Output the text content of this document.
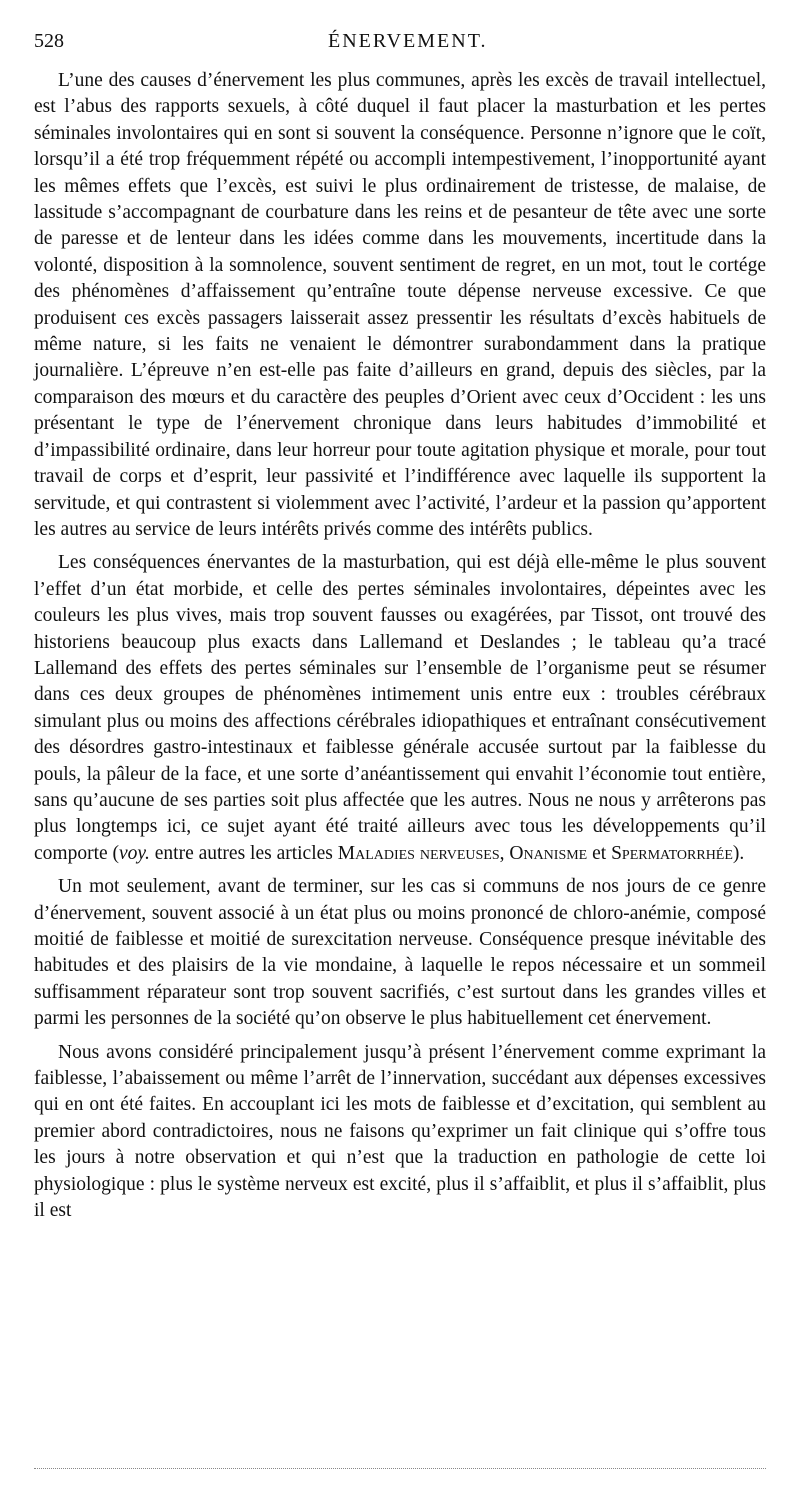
528	ÉNERVEMENT.

L’une des causes d’énervement les plus communes, après les excès de travail intellectuel, est l’abus des rapports sexuels, à côté duquel il faut placer la masturbation et les pertes séminales involontaires qui en sont si souvent la conséquence. Personne n’ignore que le coït, lorsqu’il a été trop fréquemment répété ou accompli intempestivement, l’inopportunité ayant les mêmes effets que l’excès, est suivi le plus ordinairement de tristesse, de malaise, de lassitude s’accompagnant de courbature dans les reins et de pesanteur de tête avec une sorte de paresse et de lenteur dans les idées comme dans les mouvements, incertitude dans la volonté, disposition à la somnolence, souvent sentiment de regret, en un mot, tout le cortége des phénomènes d’affaissement qu’entraîne toute dépense nerveuse excessive. Ce que produisent ces excès passagers laisserait assez pressentir les résultats d’excès habituels de même nature, si les faits ne venaient le démontrer surabondamment dans la pratique journalière. L’épreuve n’en est-elle pas faite d’ailleurs en grand, depuis des siècles, par la comparaison des mœurs et du caractère des peuples d’Orient avec ceux d’Occident : les uns présentant le type de l’énervement chronique dans leurs habitudes d’immobilité et d’impassibilité ordinaire, dans leur horreur pour toute agitation physique et morale, pour tout travail de corps et d’esprit, leur passivité et l’indifférence avec laquelle ils supportent la servitude, et qui contrastent si violemment avec l’activité, l’ardeur et la passion qu’apportent les autres au service de leurs intérêts privés comme des intérêts publics.

Les conséquences énervantes de la masturbation, qui est déjà elle-même le plus souvent l’effet d’un état morbide, et celle des pertes séminales involontaires, dépeintes avec les couleurs les plus vives, mais trop souvent fausses ou exagérées, par Tissot, ont trouvé des historiens beaucoup plus exacts dans Lallemand et Deslandes ; le tableau qu’a tracé Lallemand des effets des pertes séminales sur l’ensemble de l’organisme peut se résumer dans ces deux groupes de phénomènes intimement unis entre eux : troubles cérébraux simulant plus ou moins des affections cérébrales idiopathiques et entraînant consécutivement des désordres gastro-intestinaux et faiblesse générale accusée surtout par la faiblesse du pouls, la pâleur de la face, et une sorte d’anéantissement qui envahit l’économie tout entière, sans qu’aucune de ses parties soit plus affectée que les autres. Nous ne nous y arrêterons pas plus longtemps ici, ce sujet ayant été traité ailleurs avec tous les développements qu’il comporte (voy. entre autres les articles Maladies nerveuses, Onanisme et Spermatorrhée).

Un mot seulement, avant de terminer, sur les cas si communs de nos jours de ce genre d’énervement, souvent associé à un état plus ou moins prononcé de chloro-anémie, composé moitié de faiblesse et moitié de surexcitation nerveuse. Conséquence presque inévitable des habitudes et des plaisirs de la vie mondaine, à laquelle le repos nécessaire et un sommeil suffisamment réparateur sont trop souvent sacrifiés, c’est surtout dans les grandes villes et parmi les personnes de la société qu’on observe le plus habituellement cet énervement.

Nous avons considéré principalement jusqu’à présent l’énervement comme exprimant la faiblesse, l’abaissement ou même l’arrêt de l’innervation, succédant aux dépenses excessives qui en ont été faites. En accouplant ici les mots de faiblesse et d’excitation, qui semblent au premier abord contradictoires, nous ne faisons qu’exprimer un fait clinique qui s’offre tous les jours à notre observation et qui n’est que la traduction en pathologie de cette loi physiologique : plus le système nerveux est excité, plus il s’affaiblit, et plus il s’affaiblit, plus il est
